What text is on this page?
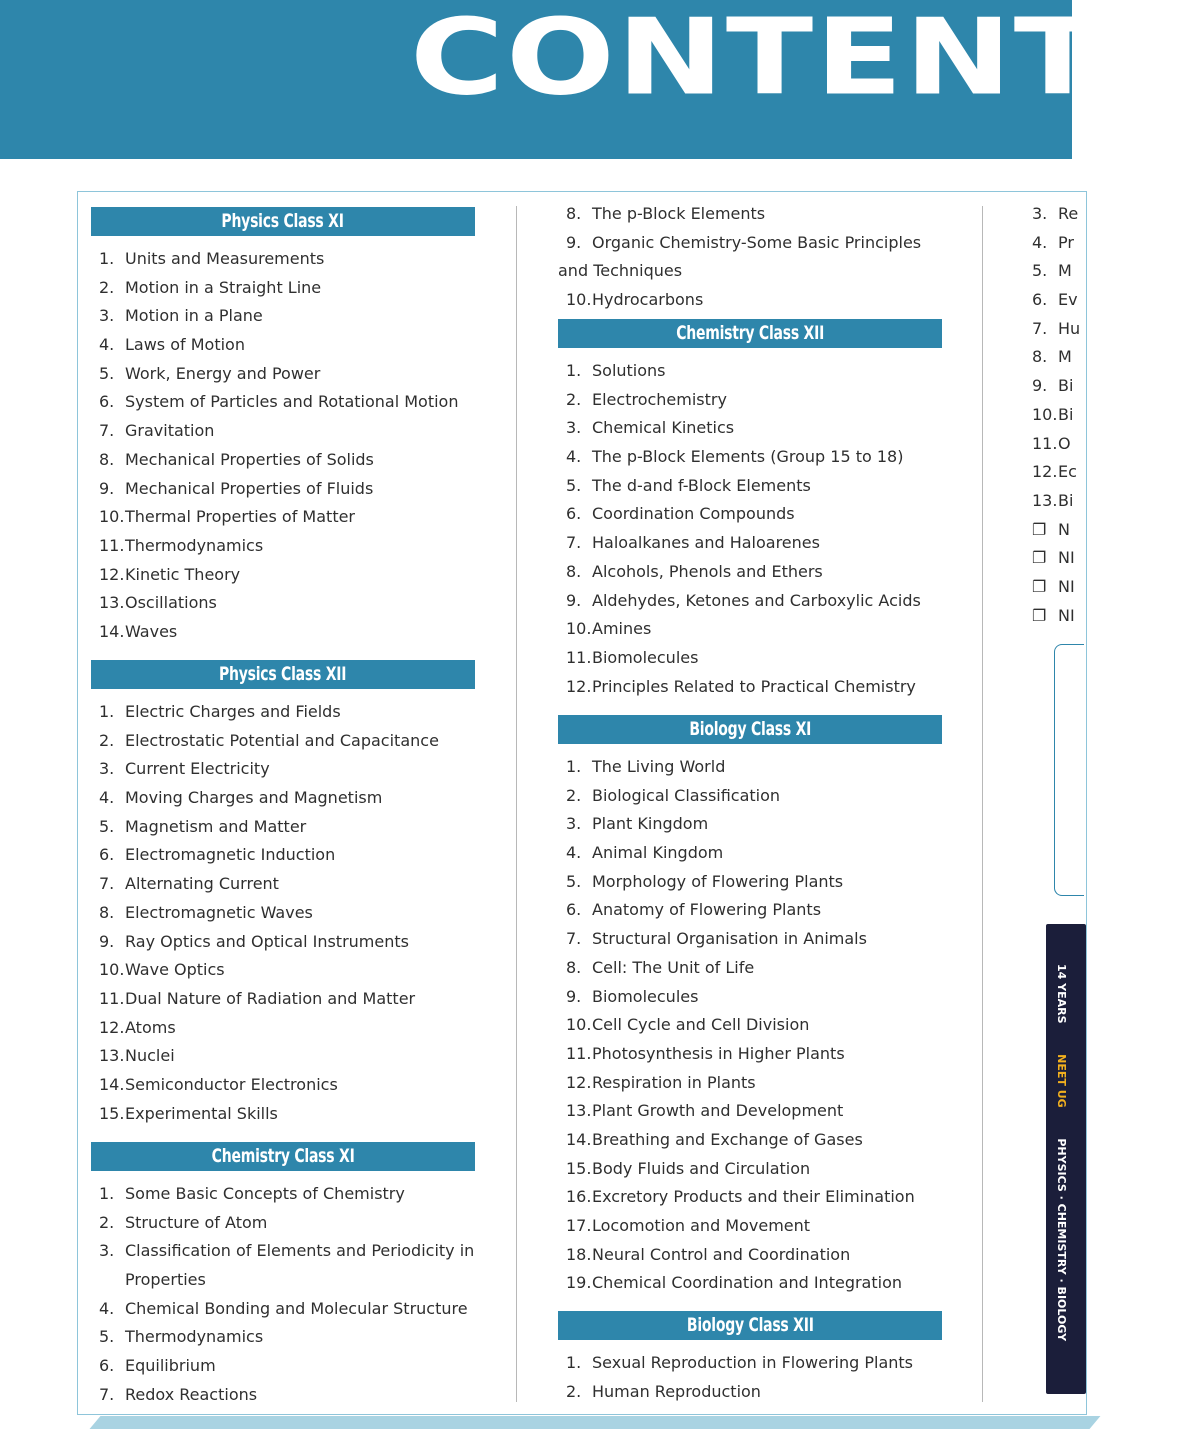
CONTENTS
Physics Class XI
1. Units and Measurements
2. Motion in a Straight Line
3. Motion in a Plane
4. Laws of Motion
5. Work, Energy and Power
6. System of Particles and Rotational Motion
7. Gravitation
8. Mechanical Properties of Solids
9. Mechanical Properties of Fluids
10. Thermal Properties of Matter
11. Thermodynamics
12. Kinetic Theory
13. Oscillations
14. Waves
Physics Class XII
1. Electric Charges and Fields
2. Electrostatic Potential and Capacitance
3. Current Electricity
4. Moving Charges and Magnetism
5. Magnetism and Matter
6. Electromagnetic Induction
7. Alternating Current
8. Electromagnetic Waves
9. Ray Optics and Optical Instruments
10. Wave Optics
11. Dual Nature of Radiation and Matter
12. Atoms
13. Nuclei
14. Semiconductor Electronics
15. Experimental Skills
Chemistry Class XI
1. Some Basic Concepts of Chemistry
2. Structure of Atom
3. Classification of Elements and Periodicity in
Properties
4. Chemical Bonding and Molecular Structure
5. Thermodynamics
6. Equilibrium
7. Redox Reactions
8. The p-Block Elements
9. Organic Chemistry-Some Basic Principles
and Techniques
10. Hydrocarbons
Chemistry Class XII
1. Solutions
2. Electrochemistry
3. Chemical Kinetics
4. The p-Block Elements (Group 15 to 18)
5. The d-and f-Block Elements
6. Coordination Compounds
7. Haloalkanes and Haloarenes
8. Alcohols, Phenols and Ethers
9. Aldehydes, Ketones and Carboxylic Acids
10. Amines
11. Biomolecules
12. Principles Related to Practical Chemistry
Biology Class XI
1. The Living World
2. Biological Classification
3. Plant Kingdom
4. Animal Kingdom
5. Morphology of Flowering Plants
6. Anatomy of Flowering Plants
7. Structural Organisation in Animals
8. Cell: The Unit of Life
9. Biomolecules
10. Cell Cycle and Cell Division
11. Photosynthesis in Higher Plants
12. Respiration in Plants
13. Plant Growth and Development
14. Breathing and Exchange of Gases
15. Body Fluids and Circulation
16. Excretory Products and their Elimination
17. Locomotion and Movement
18. Neural Control and Coordination
19. Chemical Coordination and Integration
Biology Class XII
1. Sexual Reproduction in Flowering Plants
2. Human Reproduction
3. Re
4. Pr
5. M
6. Ev
7. Hu
8. M
9. Bi
10. Bi
11. O
12. Ec
13. Bi
❐ N
❐ NI
❐ NI
❐ NI
14 YEARS        NEET UG        PHYSICS · CHEMISTRY · BIOLOGY
